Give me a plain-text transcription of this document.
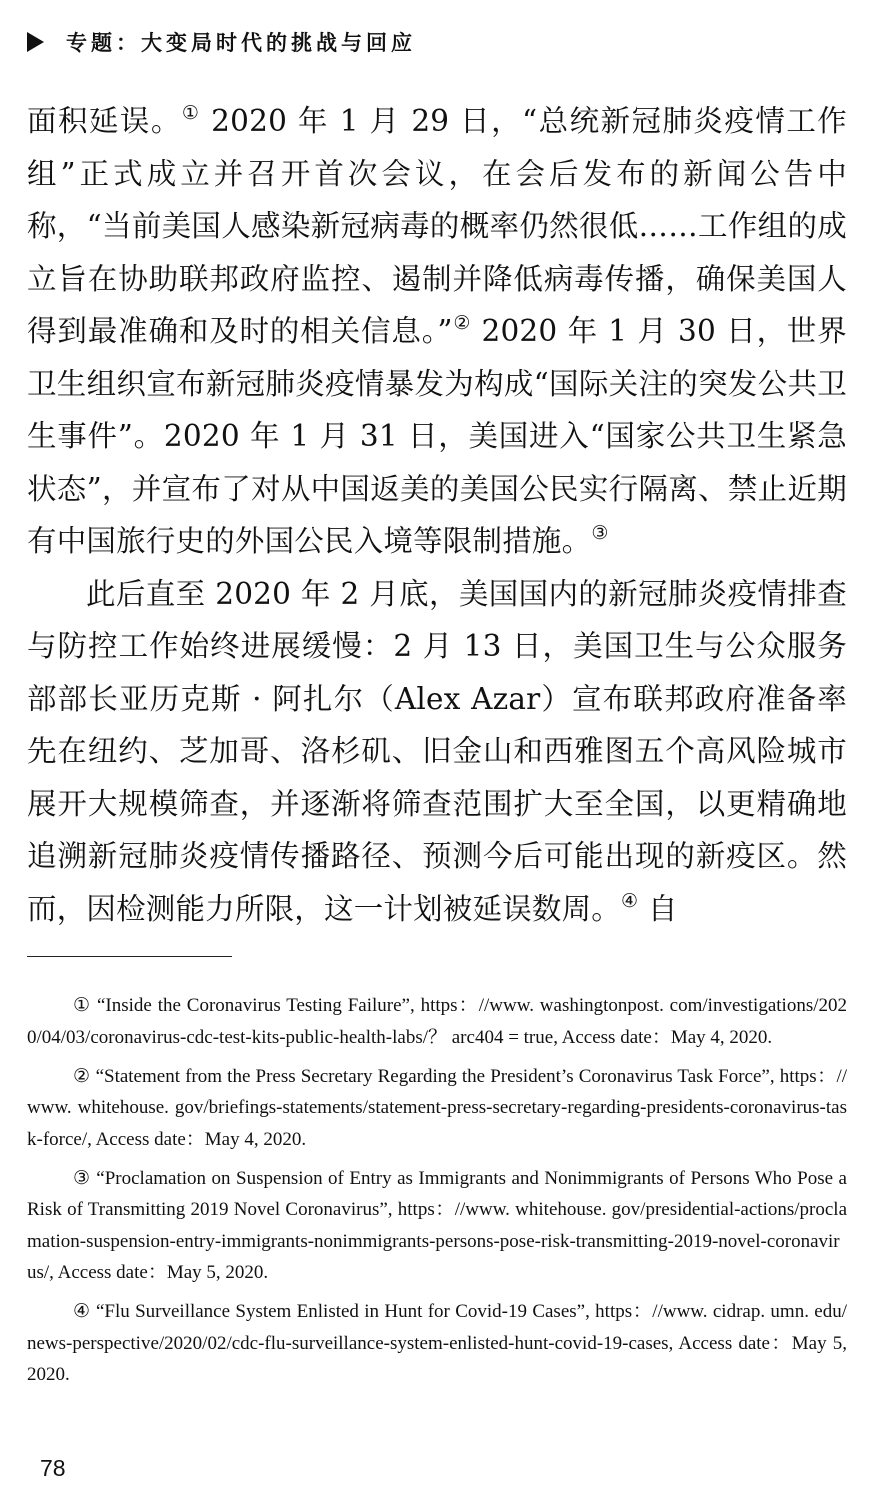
专题：大变局时代的挑战与回应

面积延误。① 2020 年 1 月 29 日，“总统新冠肺炎疫情工作组”正式成立并召开首次会议，在会后发布的新闻公告中称，“当前美国人感染新冠病毒的概率仍然很低……工作组的成立旨在协助联邦政府监控、遏制并降低病毒传播，确保美国人得到最准确和及时的相关信息。”② 2020 年 1 月 30 日，世界卫生组织宣布新冠肺炎疫情暴发为构成“国际关注的突发公共卫生事件”。2020 年 1 月 31 日，美国进入“国家公共卫生紧急状态”，并宣布了对从中国返美的美国公民实行隔离、禁止近期有中国旅行史的外国公民入境等限制措施。③

此后直至 2020 年 2 月底，美国国内的新冠肺炎疫情排查与防控工作始终进展缓慢：2 月 13 日，美国卫生与公众服务部部长亚历克斯 · 阿扎尔（Alex Azar）宣布联邦政府准备率先在纽约、芝加哥、洛杉矶、旧金山和西雅图五个高风险城市展开大规模筛查，并逐渐将筛查范围扩大至全国，以更精确地追溯新冠肺炎疫情传播路径、预测今后可能出现的新疫区。然而，因检测能力所限，这一计划被延误数周。④ 自

① “Inside the Coronavirus Testing Failure”, https：//www. washingtonpost. com/investigations/2020/04/03/coronavirus-cdc-test-kits-public-health-labs/？ arc404 = true, Access date：May 4, 2020.

② “Statement from the Press Secretary Regarding the President’s Coronavirus Task Force”, https：//www. whitehouse. gov/briefings-statements/statement-press-secretary-regarding-presidents-coronavirus-task-force/, Access date：May 4, 2020.

③ “Proclamation on Suspension of Entry as Immigrants and Nonimmigrants of Persons Who Pose a Risk of Transmitting 2019 Novel Coronavirus”, https：//www. whitehouse. gov/presidential-actions/proclamation-suspension-entry-immigrants-nonimmigrants-persons-pose-risk-transmitting-2019-novel-coronavirus/, Access date：May 5, 2020.

④ “Flu Surveillance System Enlisted in Hunt for Covid-19 Cases”, https：//www. cidrap. umn. edu/news-perspective/2020/02/cdc-flu-surveillance-system-enlisted-hunt-covid-19-cases, Access date：May 5, 2020.

78
